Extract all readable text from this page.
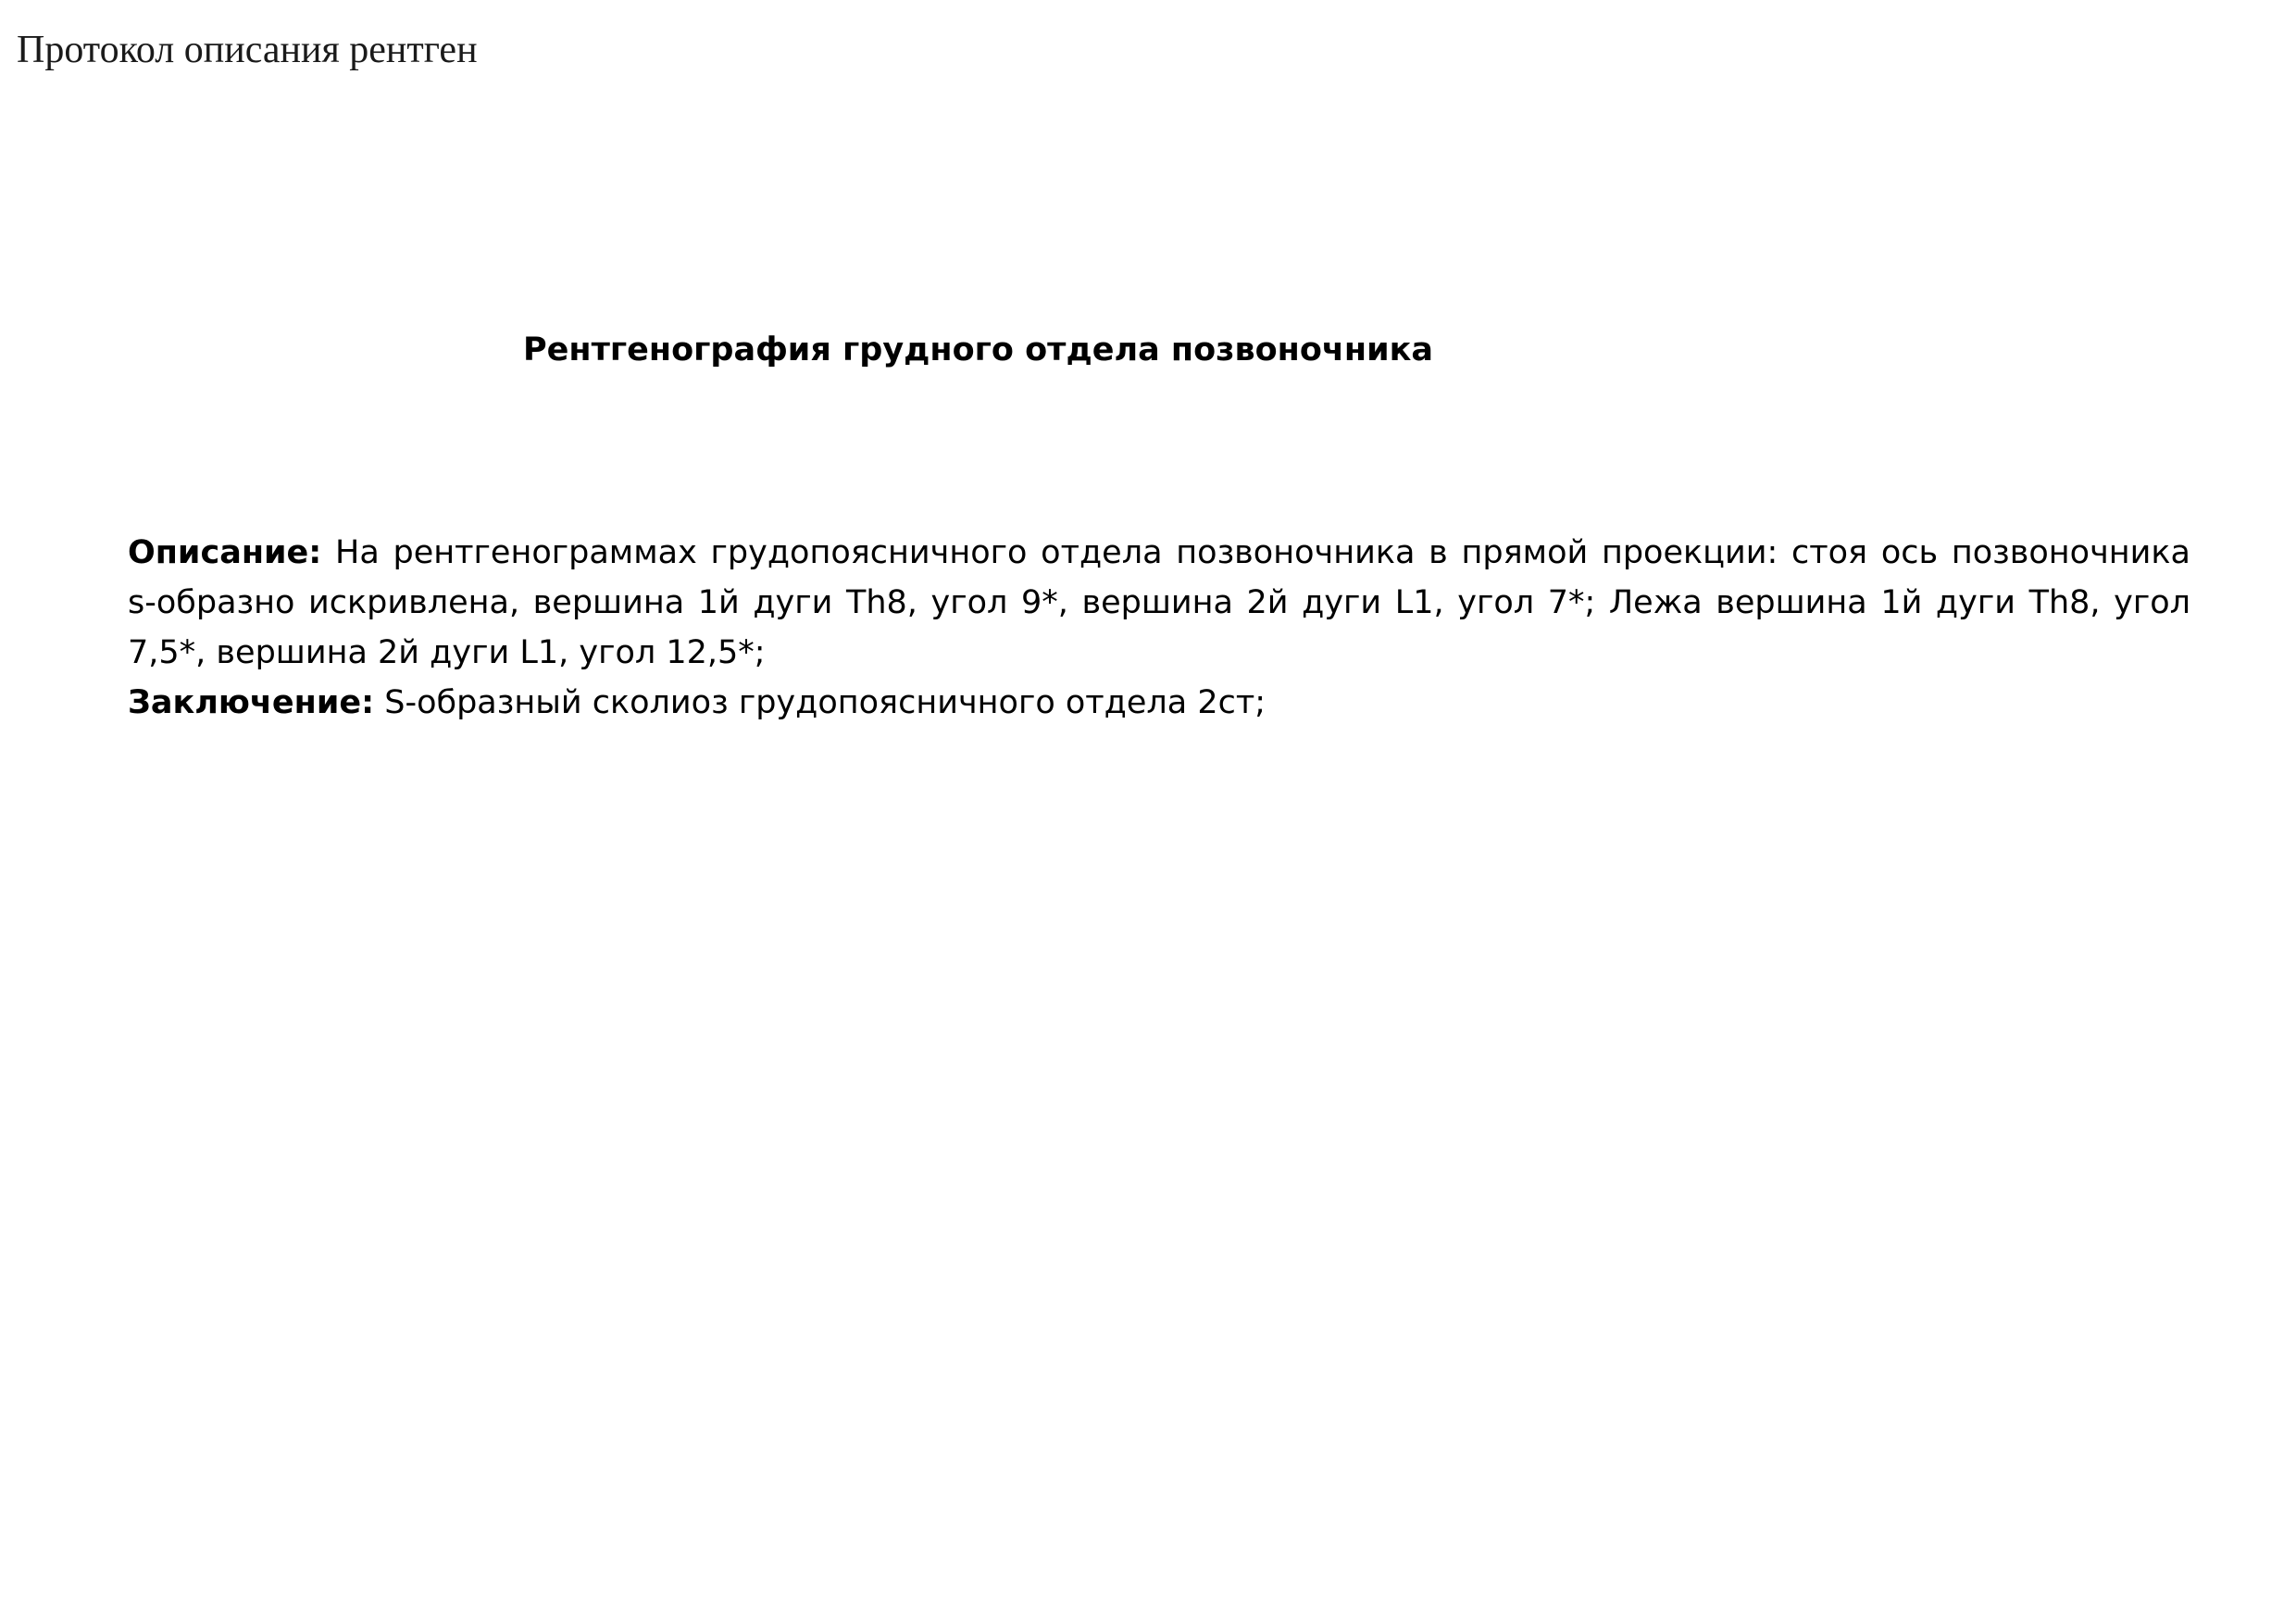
Протокол описания рентген
Рентгенография грудного отдела позвоночника

Описание: На рентгенограммах грудопоясничного отдела позвоночника в прямой проекции: стоя ось позвоночника s-образно искривлена, вершина 1й дуги Th8, угол 9*, вершина 2й дуги L1, угол 7*; Лежа вершина 1й дуги Th8, угол 7,5*, вершина 2й дуги L1, угол 12,5*;

Заключение: S-образный сколиоз грудопоясничного отдела 2ст;
